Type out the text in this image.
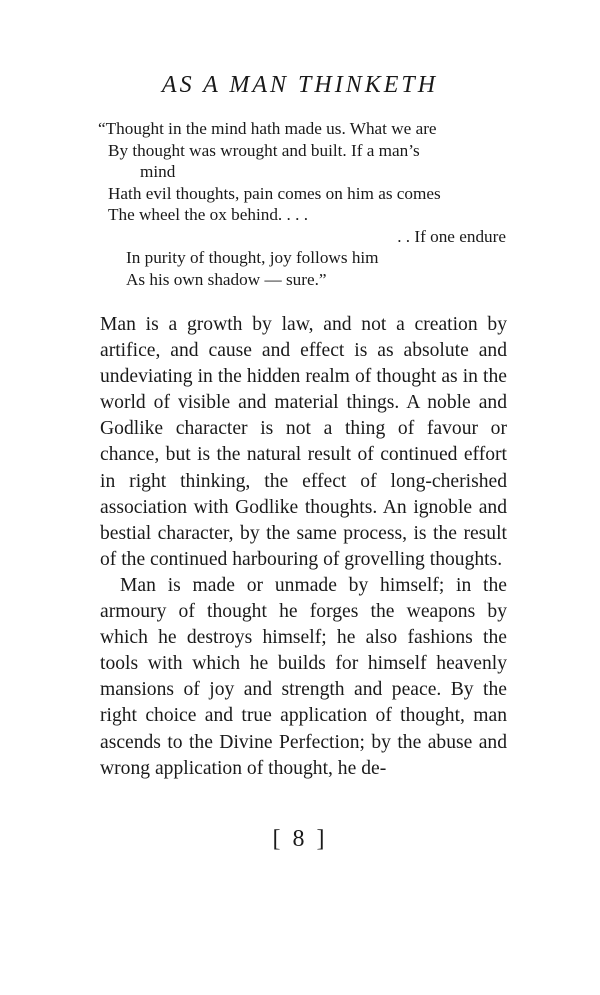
AS A MAN THINKETH
“Thought in the mind hath made us. What we are
By thought was wrought and built. If a man’s
mind
Hath evil thoughts, pain comes on him as comes
The wheel the ox behind. . . .
. . If one endure
In purity of thought, joy follows him
As his own shadow — sure.”

Man is a growth by law, and not a creation by artifice, and cause and effect is as absolute and undeviating in the hidden realm of thought as in the world of visible and material things. A noble and Godlike character is not a thing of favour or chance, but is the natural result of continued effort in right thinking, the effect of long-cherished association with Godlike thoughts. An ignoble and bestial character, by the same process, is the result of the continued harbouring of grovelling thoughts.

Man is made or unmade by himself; in the armoury of thought he forges the weapons by which he destroys himself; he also fashions the tools with which he builds for himself heavenly mansions of joy and strength and peace. By the right choice and true application of thought, man ascends to the Divine Perfection; by the abuse and wrong application of thought, he de-

[ 8 ]
